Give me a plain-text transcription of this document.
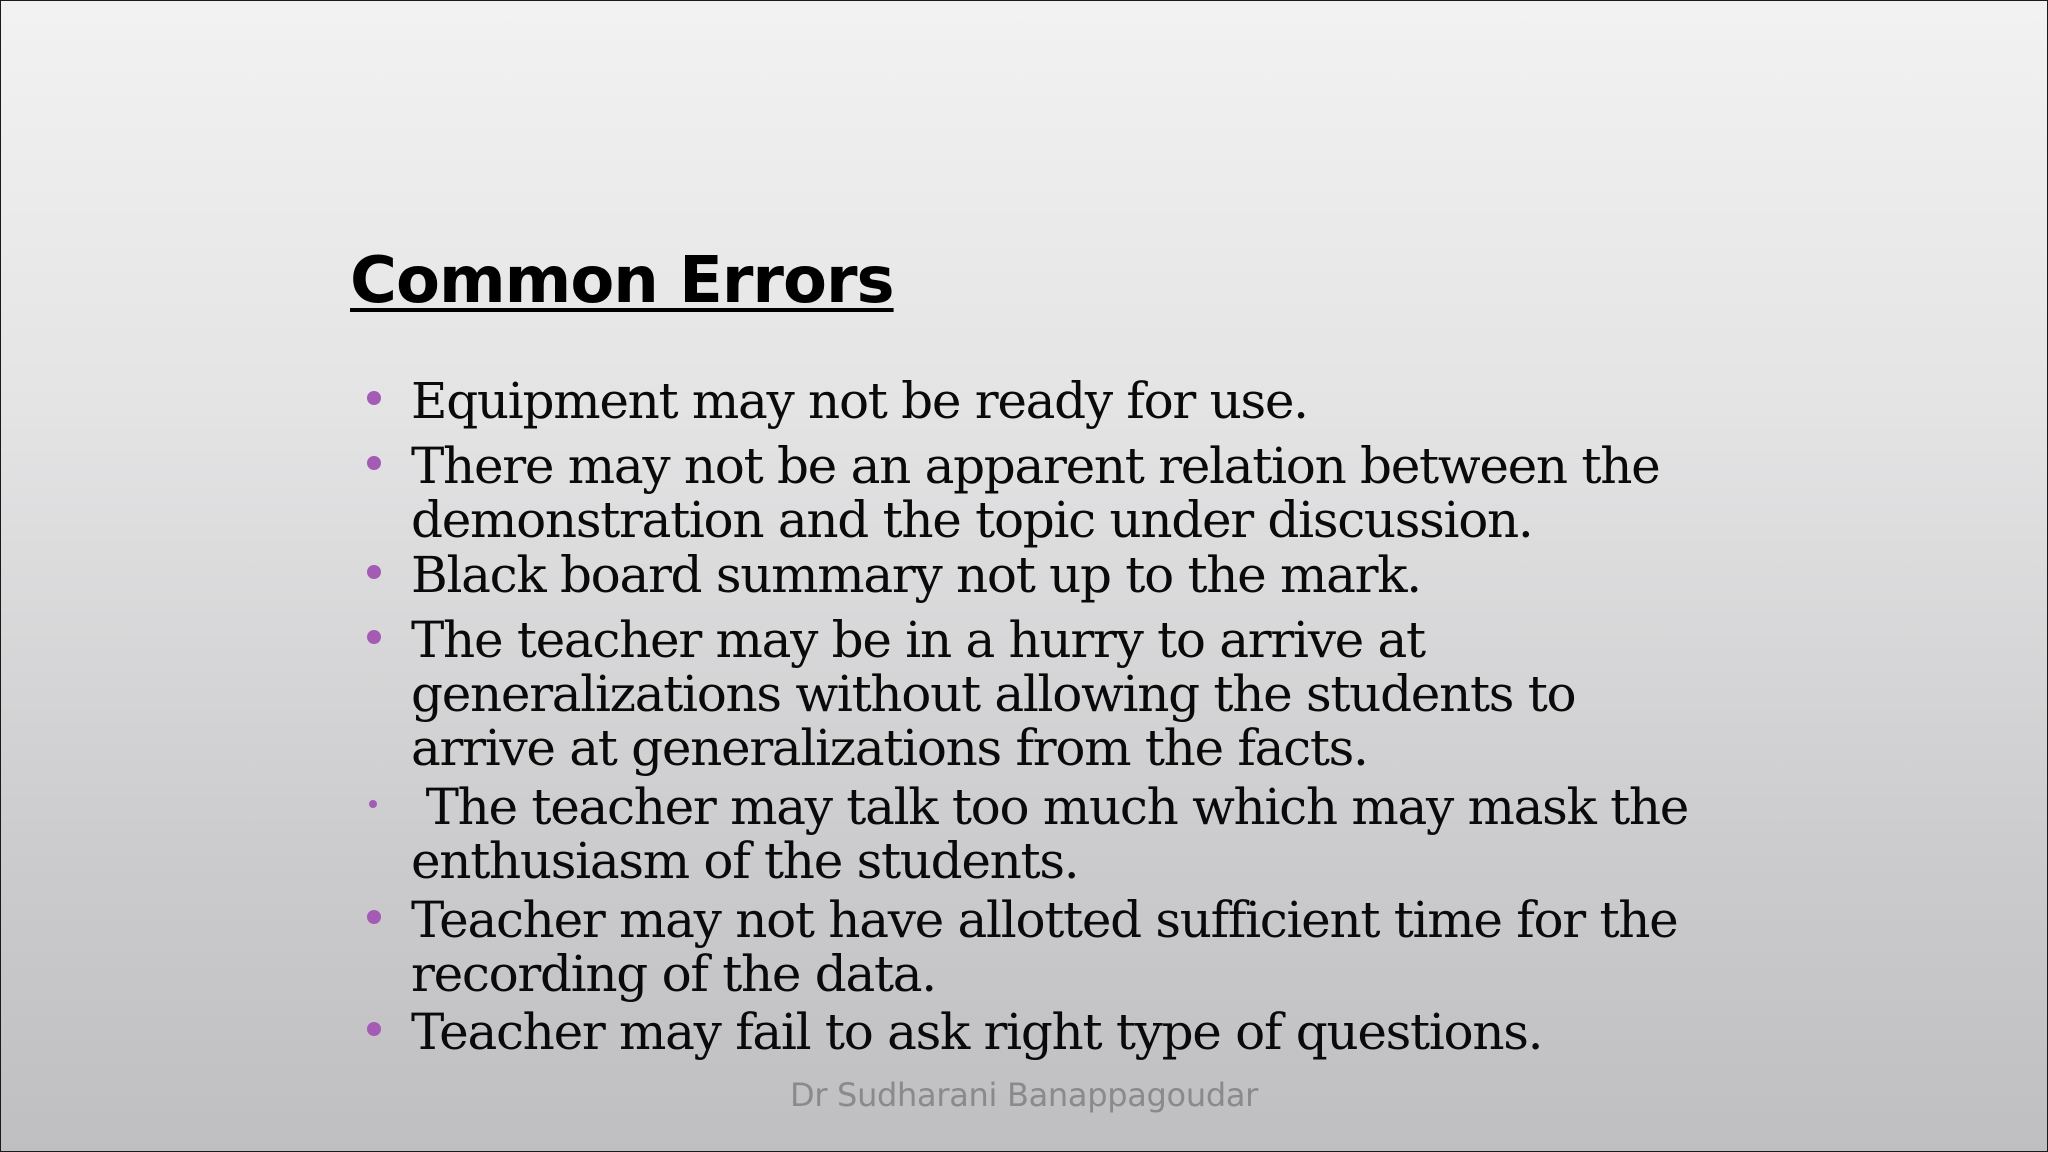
Common Errors
Equipment may not be ready for use.
There may not be an apparent relation between the
demonstration and the topic under discussion.
Black board summary not up to the mark.
The teacher may be in a hurry to arrive at
generalizations without allowing the students to
arrive at generalizations from the facts.
The teacher may talk too much which may mask the
enthusiasm of the students.
Teacher may not have allotted sufficient time for the
recording of the data.
Teacher may fail to ask right type of questions.
Dr Sudharani Banappagoudar
